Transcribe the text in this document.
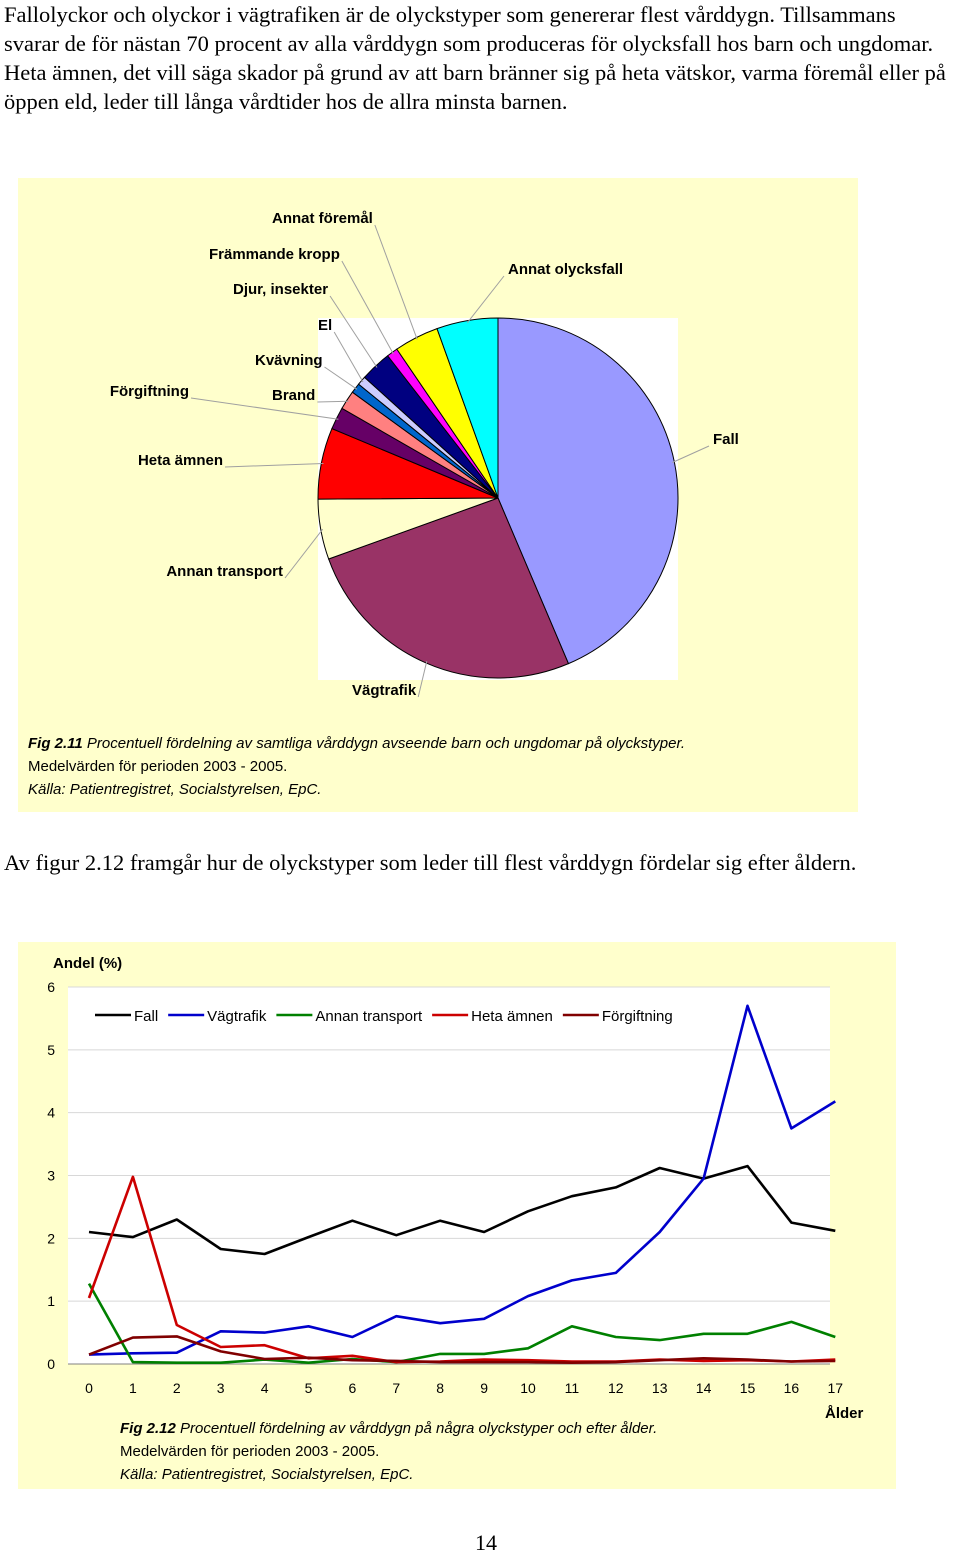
Fallolyckor och olyckor i vägtrafiken är de olyckstyper som genererar flest vårddygn. Tillsammans svarar de för nästan 70 procent av alla vårddygn som produceras för olycksfall hos barn och ungdomar. Heta ämnen, det vill säga skador på grund av att barn bränner sig på heta vätskor, varma föremål eller på öppen eld, leder till långa vårdtider hos de allra minsta barnen.

Fall
Vägtrafik
Annan transport
Heta ämnen
Förgiftning	Brand
Kvävning
El
Djur, insekter
Främmande kropp
Annat föremål
Annat olycksfall
Fig 2.11 Procentuell fördelning av samtliga vårddygn avseende barn och ungdomar på olyckstyper.
Medelvärden för perioden 2003 - 2005.
Källa: Patientregistret, Socialstyrelsen, EpC.

Av figur 2.12 framgår hur de olyckstyper som leder till flest vårddygn fördelar sig efter åldern.

0
1
2
3
4
5
6
0	1	2	3	4	5	6	7	8	9 10 11 12 13 14 15 16 17
Fall	Vägtrafik	Annan transport	Heta ämnen	Förgiftning
Andel (%)
Ålder
Fig 2.12 Procentuell fördelning av vårddygn på några olyckstyper och efter ålder.
Medelvärden för perioden 2003 - 2005.
Källa: Patientregistret, Socialstyrelsen, EpC.
14
